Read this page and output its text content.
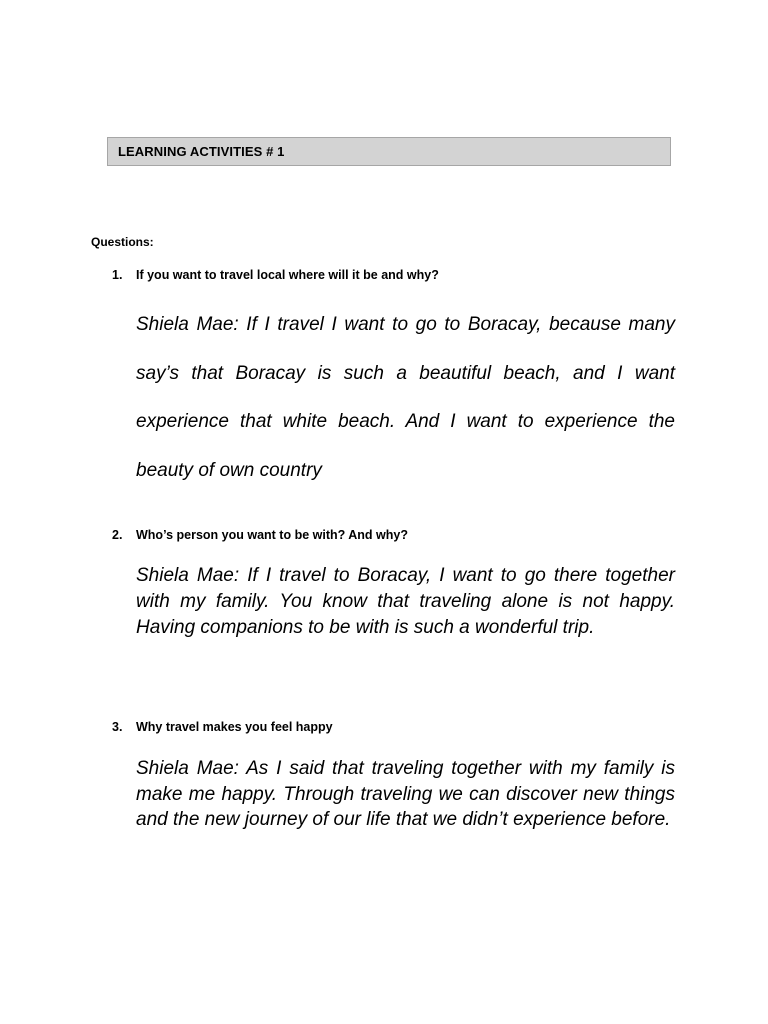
LEARNING ACTIVITIES # 1
Questions:
1. If you want to travel local where will it be and why?
Shiela Mae: If I travel I want to go to Boracay, because many say’s that Boracay is such a beautiful beach, and I want experience that white beach. And I want to experience the beauty of own country
2. Who’s person you want to be with? And why?
Shiela Mae: If I travel to Boracay, I want to go there together with my family. You know that traveling alone is not happy. Having companions to be with is such a wonderful trip.
3. Why travel makes you feel happy
Shiela Mae: As I said that traveling together with my family is make me happy. Through traveling we can discover new things and the new journey of our life that we didn’t experience before.
